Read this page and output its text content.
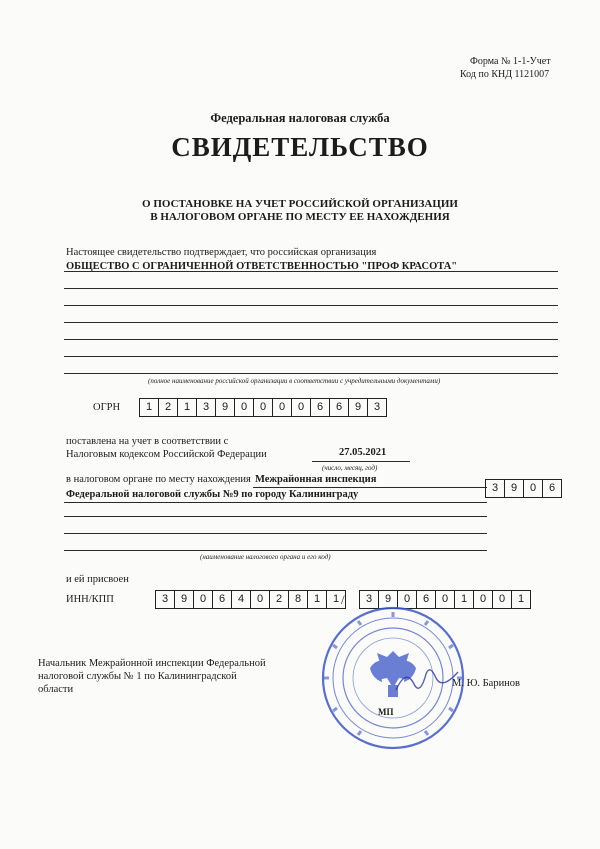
Форма № 1-1-Учет
Код по КНД 1121007
Федеральная налоговая служба
СВИДЕТЕЛЬСТВО
О ПОСТАНОВКЕ НА УЧЕТ РОССИЙСКОЙ ОРГАНИЗАЦИИ
В НАЛОГОВОМ ОРГАНЕ ПО МЕСТУ ЕЕ НАХОЖДЕНИЯ
Настоящее свидетельство подтверждает, что российская организация
ОБЩЕСТВО С ОГРАНИЧЕННОЙ ОТВЕТСТВЕННОСТЬЮ "ПРОФ КРАСОТА"
(полное наименование российской организации в соответствии с учредительными документами)
ОГРН	1	2	1	3	9	0	0	0	0	6	6	9	3
поставлена на учет в соответствии с
Налоговым кодексом Российской Федерации	27.05.2021
(число, месяц, год)
в налоговом органе по месту нахождения Межрайонная инспекция
Федеральной налоговой службы №9 по городу Калининграду
3	9	0	6
(наименование налогового органа и его код)
и ей присвоен
ИНН/КПП	3	9	0	6	4	0	2	8	1	1 /	3	9	0	6	0	1	0	0	1
Начальник Межрайонной инспекции Федеральной
налоговой службы № 1 по Калининградской
области
МП
М. Ю. Баринов
